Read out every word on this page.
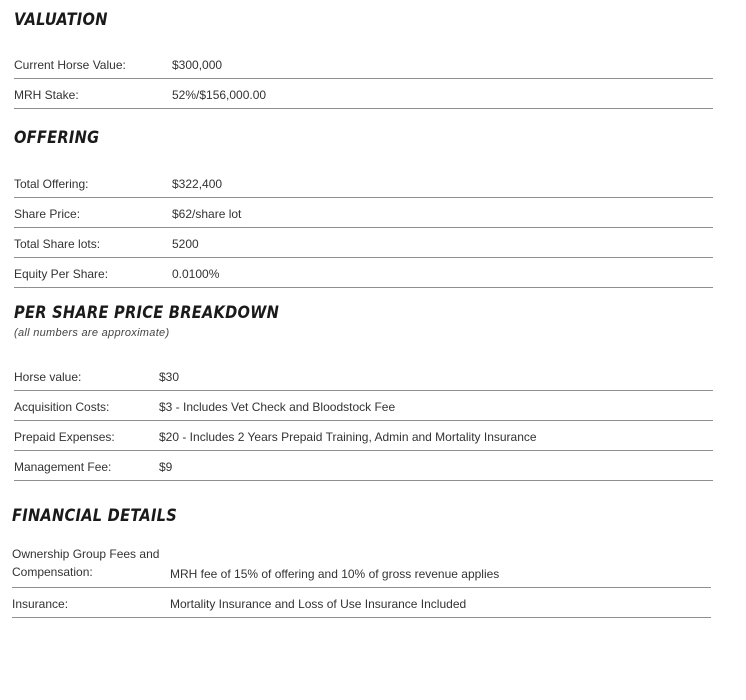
VALUATION
Current Horse Value:	$300,000
MRH Stake:	52%/$156,000.00
OFFERING
Total Offering:	$322,400
Share Price:	$62/share lot
Total Share lots:	5200
Equity Per Share:	0.0100%
PER SHARE PRICE BREAKDOWN

(all numbers are approximate)

Horse value:	$30
Acquisition Costs:	$3 - Includes Vet Check and Bloodstock Fee
Prepaid Expenses:	$20 - Includes 2 Years Prepaid Training, Admin and Mortality Insurance
Management Fee:	$9
FINANCIAL DETAILS
Ownership Group Fees and Compensation:	MRH fee of 15% of offering and 10% of gross revenue applies
Insurance:	Mortality Insurance and Loss of Use Insurance Included
